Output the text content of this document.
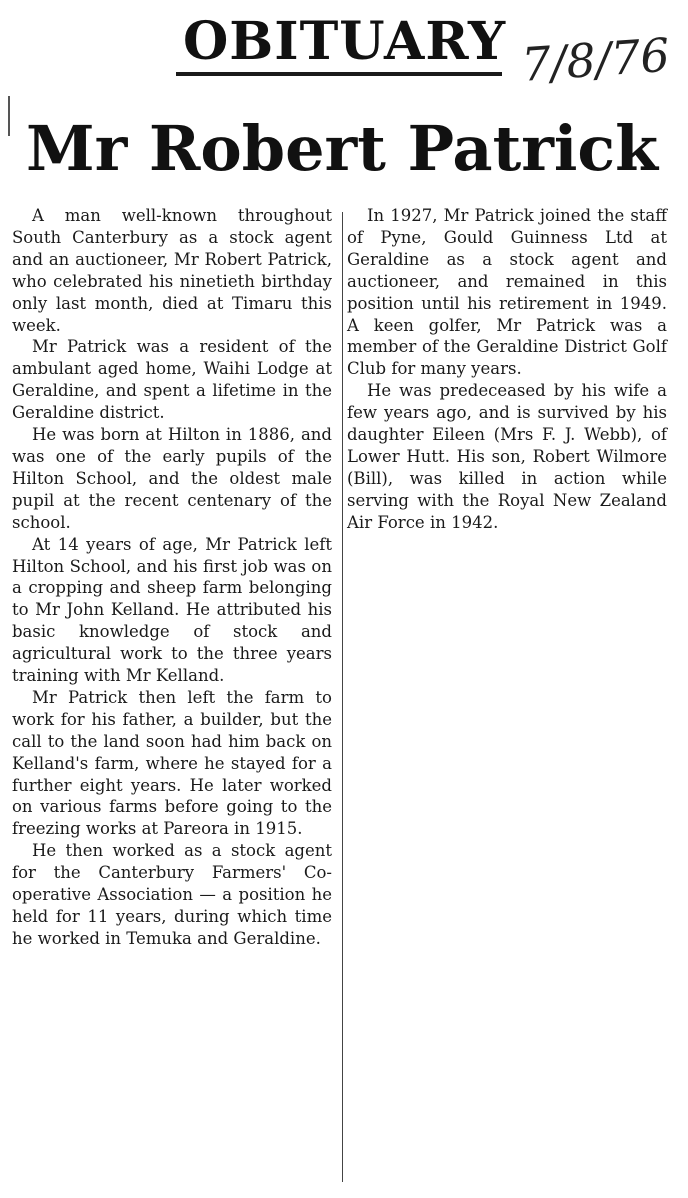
OBITUARY 7/8/76
Mr Robert Patrick

A man well-known throughout South Canterbury as a stock agent and an auctioneer, Mr Robert Patrick, who celebrated his ninetieth birthday only last month, died at Timaru this week.

Mr Patrick was a resident of the ambulant aged home, Waihi Lodge at Geraldine, and spent a lifetime in the Geraldine district.

He was born at Hilton in 1886, and was one of the early pupils of the Hilton School, and the oldest male pupil at the recent centenary of the school.

At 14 years of age, Mr Patrick left Hilton School, and his first job was on a cropping and sheep farm belonging to Mr John Kelland. He attributed his basic knowledge of stock and agricultural work to the three years training with Mr Kelland.

Mr Patrick then left the farm to work for his father, a builder, but the call to the land soon had him back on Kelland's farm, where he stayed for a further eight years. He later worked on various farms before going to the freezing works at Pareora in 1915.

He then worked as a stock agent for the Canterbury Farmers' Co-operative Association — a position he held for 11 years, during which time he worked in Temuka and Geraldine.

In 1927, Mr Patrick joined the staff of Pyne, Gould Guinness Ltd at Geraldine as a stock agent and auctioneer, and remained in this position until his retirement in 1949. A keen golfer, Mr Patrick was a member of the Geraldine District Golf Club for many years.

He was predeceased by his wife a few years ago, and is survived by his daughter Eileen (Mrs F. J. Webb), of Lower Hutt. His son, Robert Wilmore (Bill), was killed in action while serving with the Royal New Zealand Air Force in 1942.
